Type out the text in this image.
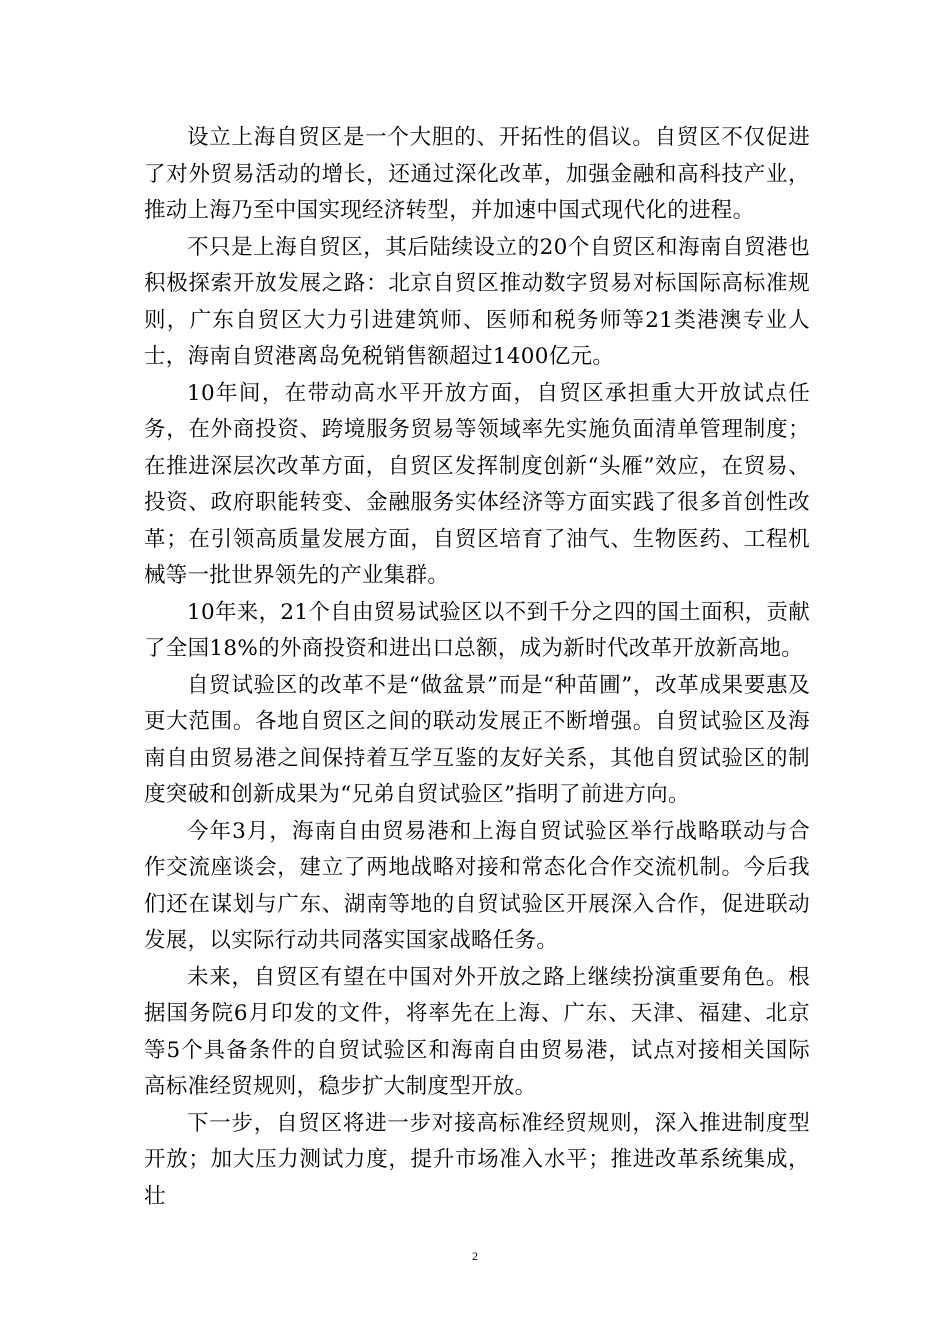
设立上海自贸区是一个大胆的、开拓性的倡议。自贸区不仅促进了对外贸易活动的增长，还通过深化改革，加强金融和高科技产业，推动上海乃至中国实现经济转型，并加速中国式现代化的进程。

不只是上海自贸区，其后陆续设立的20个自贸区和海南自贸港也积极探索开放发展之路：北京自贸区推动数字贸易对标国际高标准规则，广东自贸区大力引进建筑师、医师和税务师等21类港澳专业人士，海南自贸港离岛免税销售额超过1400亿元。

10年间，在带动高水平开放方面，自贸区承担重大开放试点任务，在外商投资、跨境服务贸易等领域率先实施负面清单管理制度；在推进深层次改革方面，自贸区发挥制度创新“头雁”效应，在贸易、投资、政府职能转变、金融服务实体经济等方面实践了很多首创性改革；在引领高质量发展方面，自贸区培育了油气、生物医药、工程机械等一批世界领先的产业集群。

10年来，21个自由贸易试验区以不到千分之四的国土面积，贡献了全国18%的外商投资和进出口总额，成为新时代改革开放新高地。

自贸试验区的改革不是“做盆景”而是“种苗圃”，改革成果要惠及更大范围。各地自贸区之间的联动发展正不断增强。自贸试验区及海南自由贸易港之间保持着互学互鉴的友好关系，其他自贸试验区的制度突破和创新成果为“兄弟自贸试验区”指明了前进方向。

今年3月，海南自由贸易港和上海自贸试验区举行战略联动与合作交流座谈会，建立了两地战略对接和常态化合作交流机制。今后我们还在谋划与广东、湖南等地的自贸试验区开展深入合作，促进联动发展，以实际行动共同落实国家战略任务。

未来，自贸区有望在中国对外开放之路上继续扮演重要角色。根据国务院6月印发的文件，将率先在上海、广东、天津、福建、北京等5个具备条件的自贸试验区和海南自由贸易港，试点对接相关国际高标准经贸规则，稳步扩大制度型开放。

下一步，自贸区将进一步对接高标准经贸规则，深入推进制度型开放；加大压力测试力度，提升市场准入水平；推进改革系统集成，壮

2
